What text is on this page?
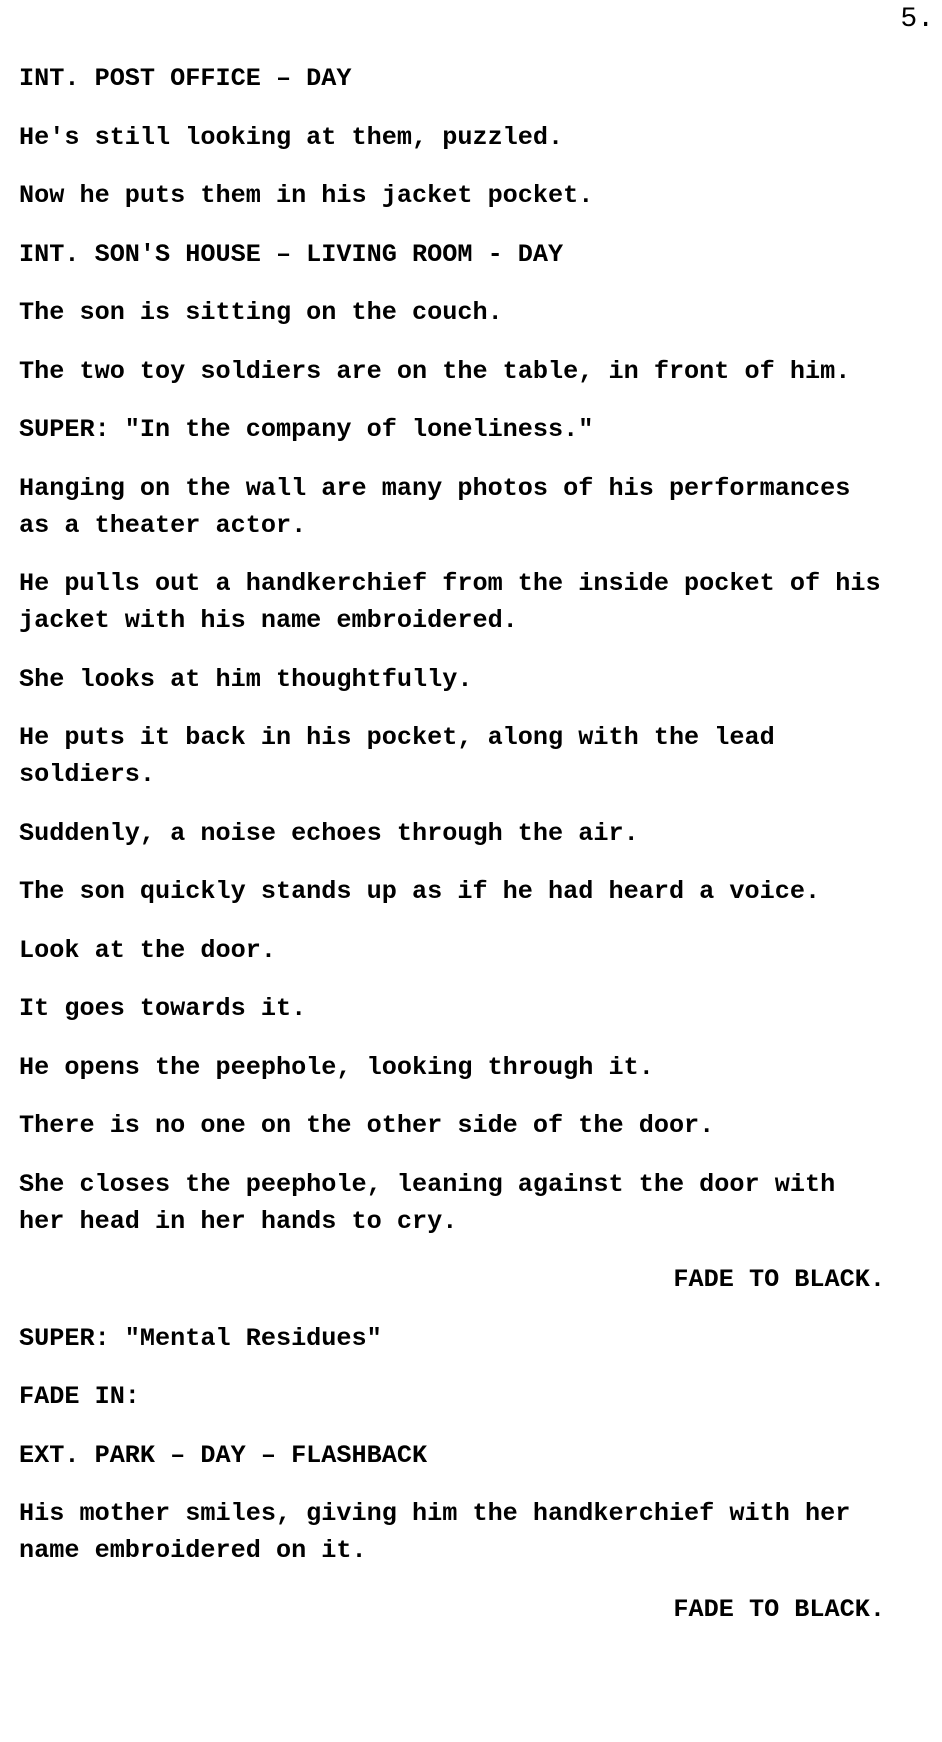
5.

INT. POST OFFICE – DAY

He's still looking at them, puzzled.

Now he puts them in his jacket pocket.

INT. SON'S HOUSE – LIVING ROOM - DAY

The son is sitting on the couch.

The two toy soldiers are on the table, in front of him.

SUPER: "In the company of loneliness."

Hanging on the wall are many photos of his performances as a theater actor.

He pulls out a handkerchief from the inside pocket of his jacket with his name embroidered.

She looks at him thoughtfully.

He puts it back in his pocket, along with the lead soldiers.

Suddenly, a noise echoes through the air.

The son quickly stands up as if he had heard a voice.

Look at the door.

It goes towards it.

He opens the peephole, looking through it.

There is no one on the other side of the door.

She closes the peephole, leaning against the door with her head in her hands to cry.

FADE TO BLACK.

SUPER: "Mental Residues"

FADE IN:

EXT. PARK – DAY – FLASHBACK

His mother smiles, giving him the handkerchief with her name embroidered on it.

FADE TO BLACK.
